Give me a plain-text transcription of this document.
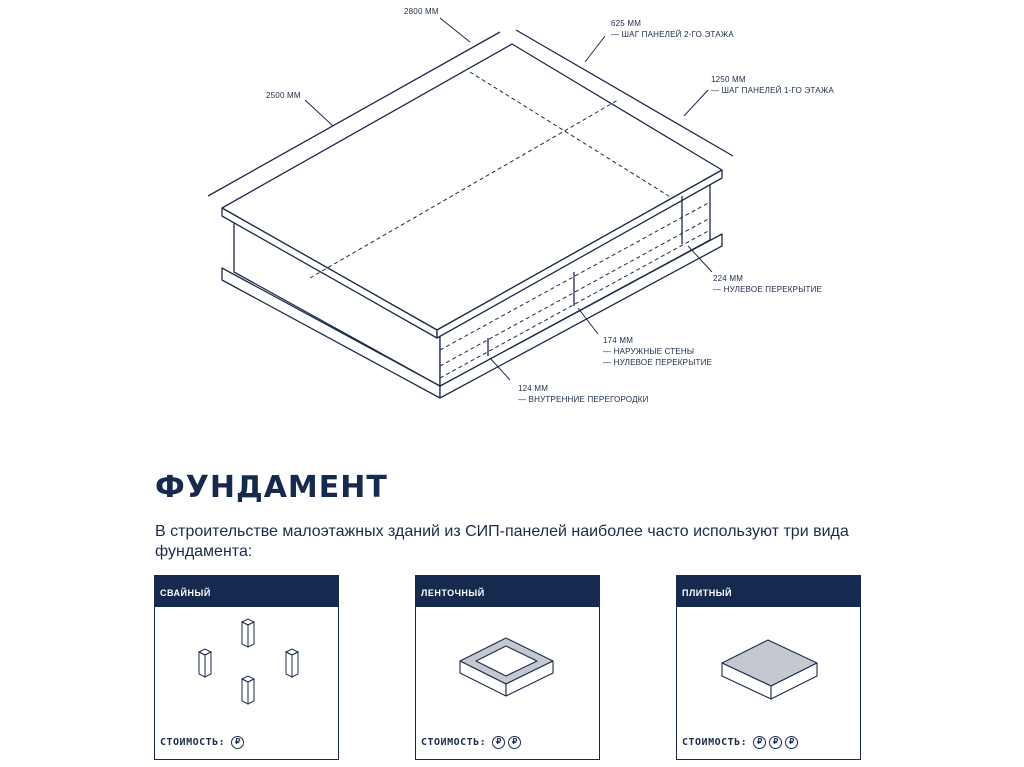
2800 ММ
2500 ММ
625 ММ
— ШАГ ПАНЕЛЕЙ 2-ГО ЭТАЖА
1250 ММ
— ШАГ ПАНЕЛЕЙ 1-ГО ЭТАЖА
224 ММ
— НУЛЕВОЕ ПЕРЕКРЫТИЕ
174 ММ
— НАРУЖНЫЕ СТЕНЫ
— НУЛЕВОЕ ПЕРЕКРЫТИЕ
124 ММ
— ВНУТРЕННИЕ ПЕРЕГОРОДКИ
ФУНДАМЕНТ

В строительстве малоэтажных зданий из СИП-панелей наиболее часто используют три вида фундамента:

СВАЙНЫЙ
СТОИМОСТЬ:	₽
ЛЕНТОЧНЫЙ
СТОИМОСТЬ:	₽	₽
ПЛИТНЫЙ
СТОИМОСТЬ:	₽	₽	₽
